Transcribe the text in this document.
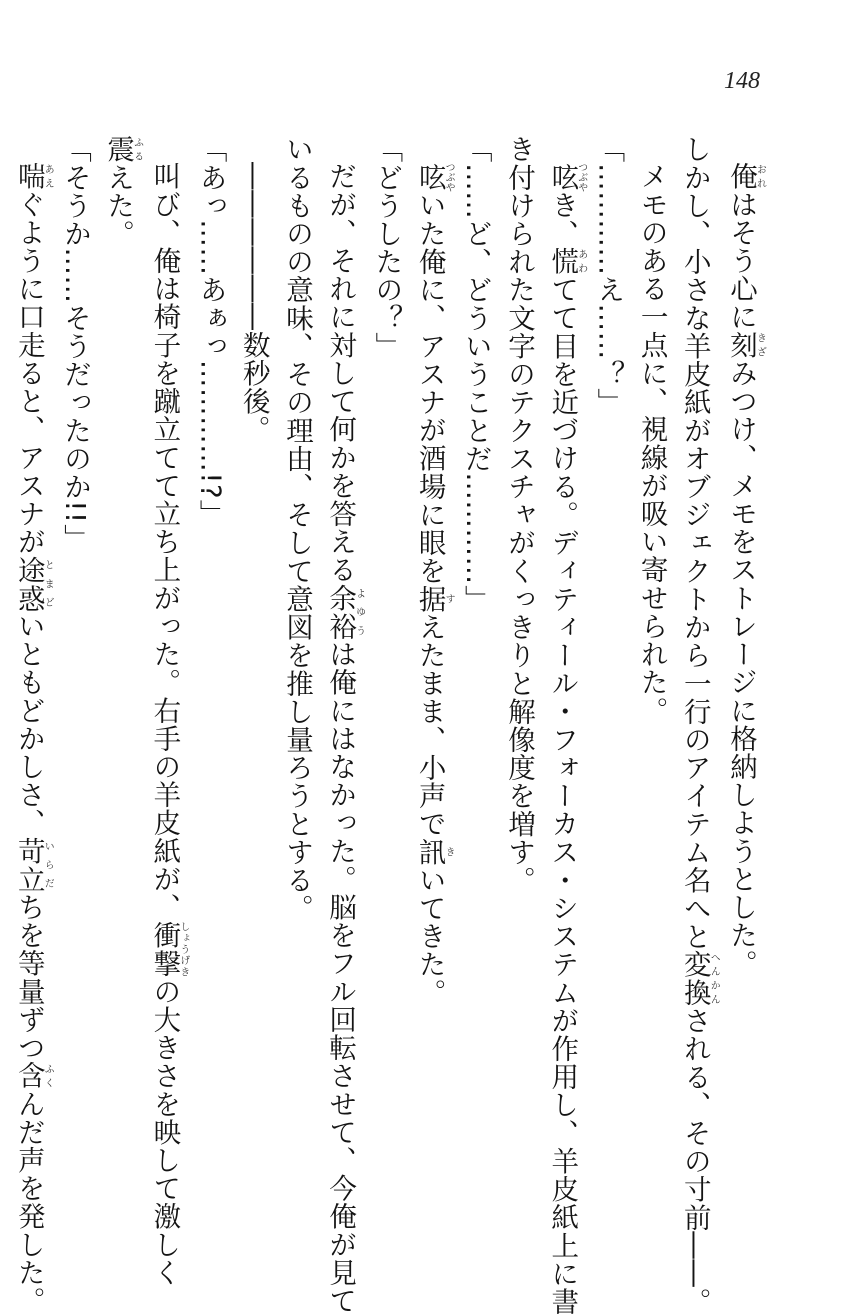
148
俺おれはそう心に刻きざみつけ、メモをストレージに格納しようとした。
しかし、小さな羊皮紙がオブジェクトから一行のアイテム名へと変換へんかんされる、その寸前――。
メモのある一点に、視線が吸い寄せられた。
「…………え……？」
呟つぶやき、慌あわてて目を近づける。ディティール・フォーカス・システムが作用し、羊皮紙上に書
き付けられた文字のテクスチャがくっきりと解像度を増す。
「……ど、どういうことだ…………」
呟つぶやいた俺に、アスナが酒場に眼を据すえたまま、小声で訊きいてきた。
「どうしたの？」
だが、それに対して何かを答える余裕よゆうは俺にはなかった。脳をフル回転させて、今俺が見て
いるものの意味、その理由、そして意図を推し量ろうとする。
――――――数秒後。
「あっ……あぁっ…………!?」
叫び、俺は椅子を蹴立てて立ち上がった。右手の羊皮紙が、衝撃しょうげきの大きさを映して激しく
震ふるえた。
「そうか……そうだったのか!!」
喘あえぐように口走ると、アスナが途惑とまどいともどかしさ、苛立いらだちを等量ずつ含ふくんだ声を発した。
